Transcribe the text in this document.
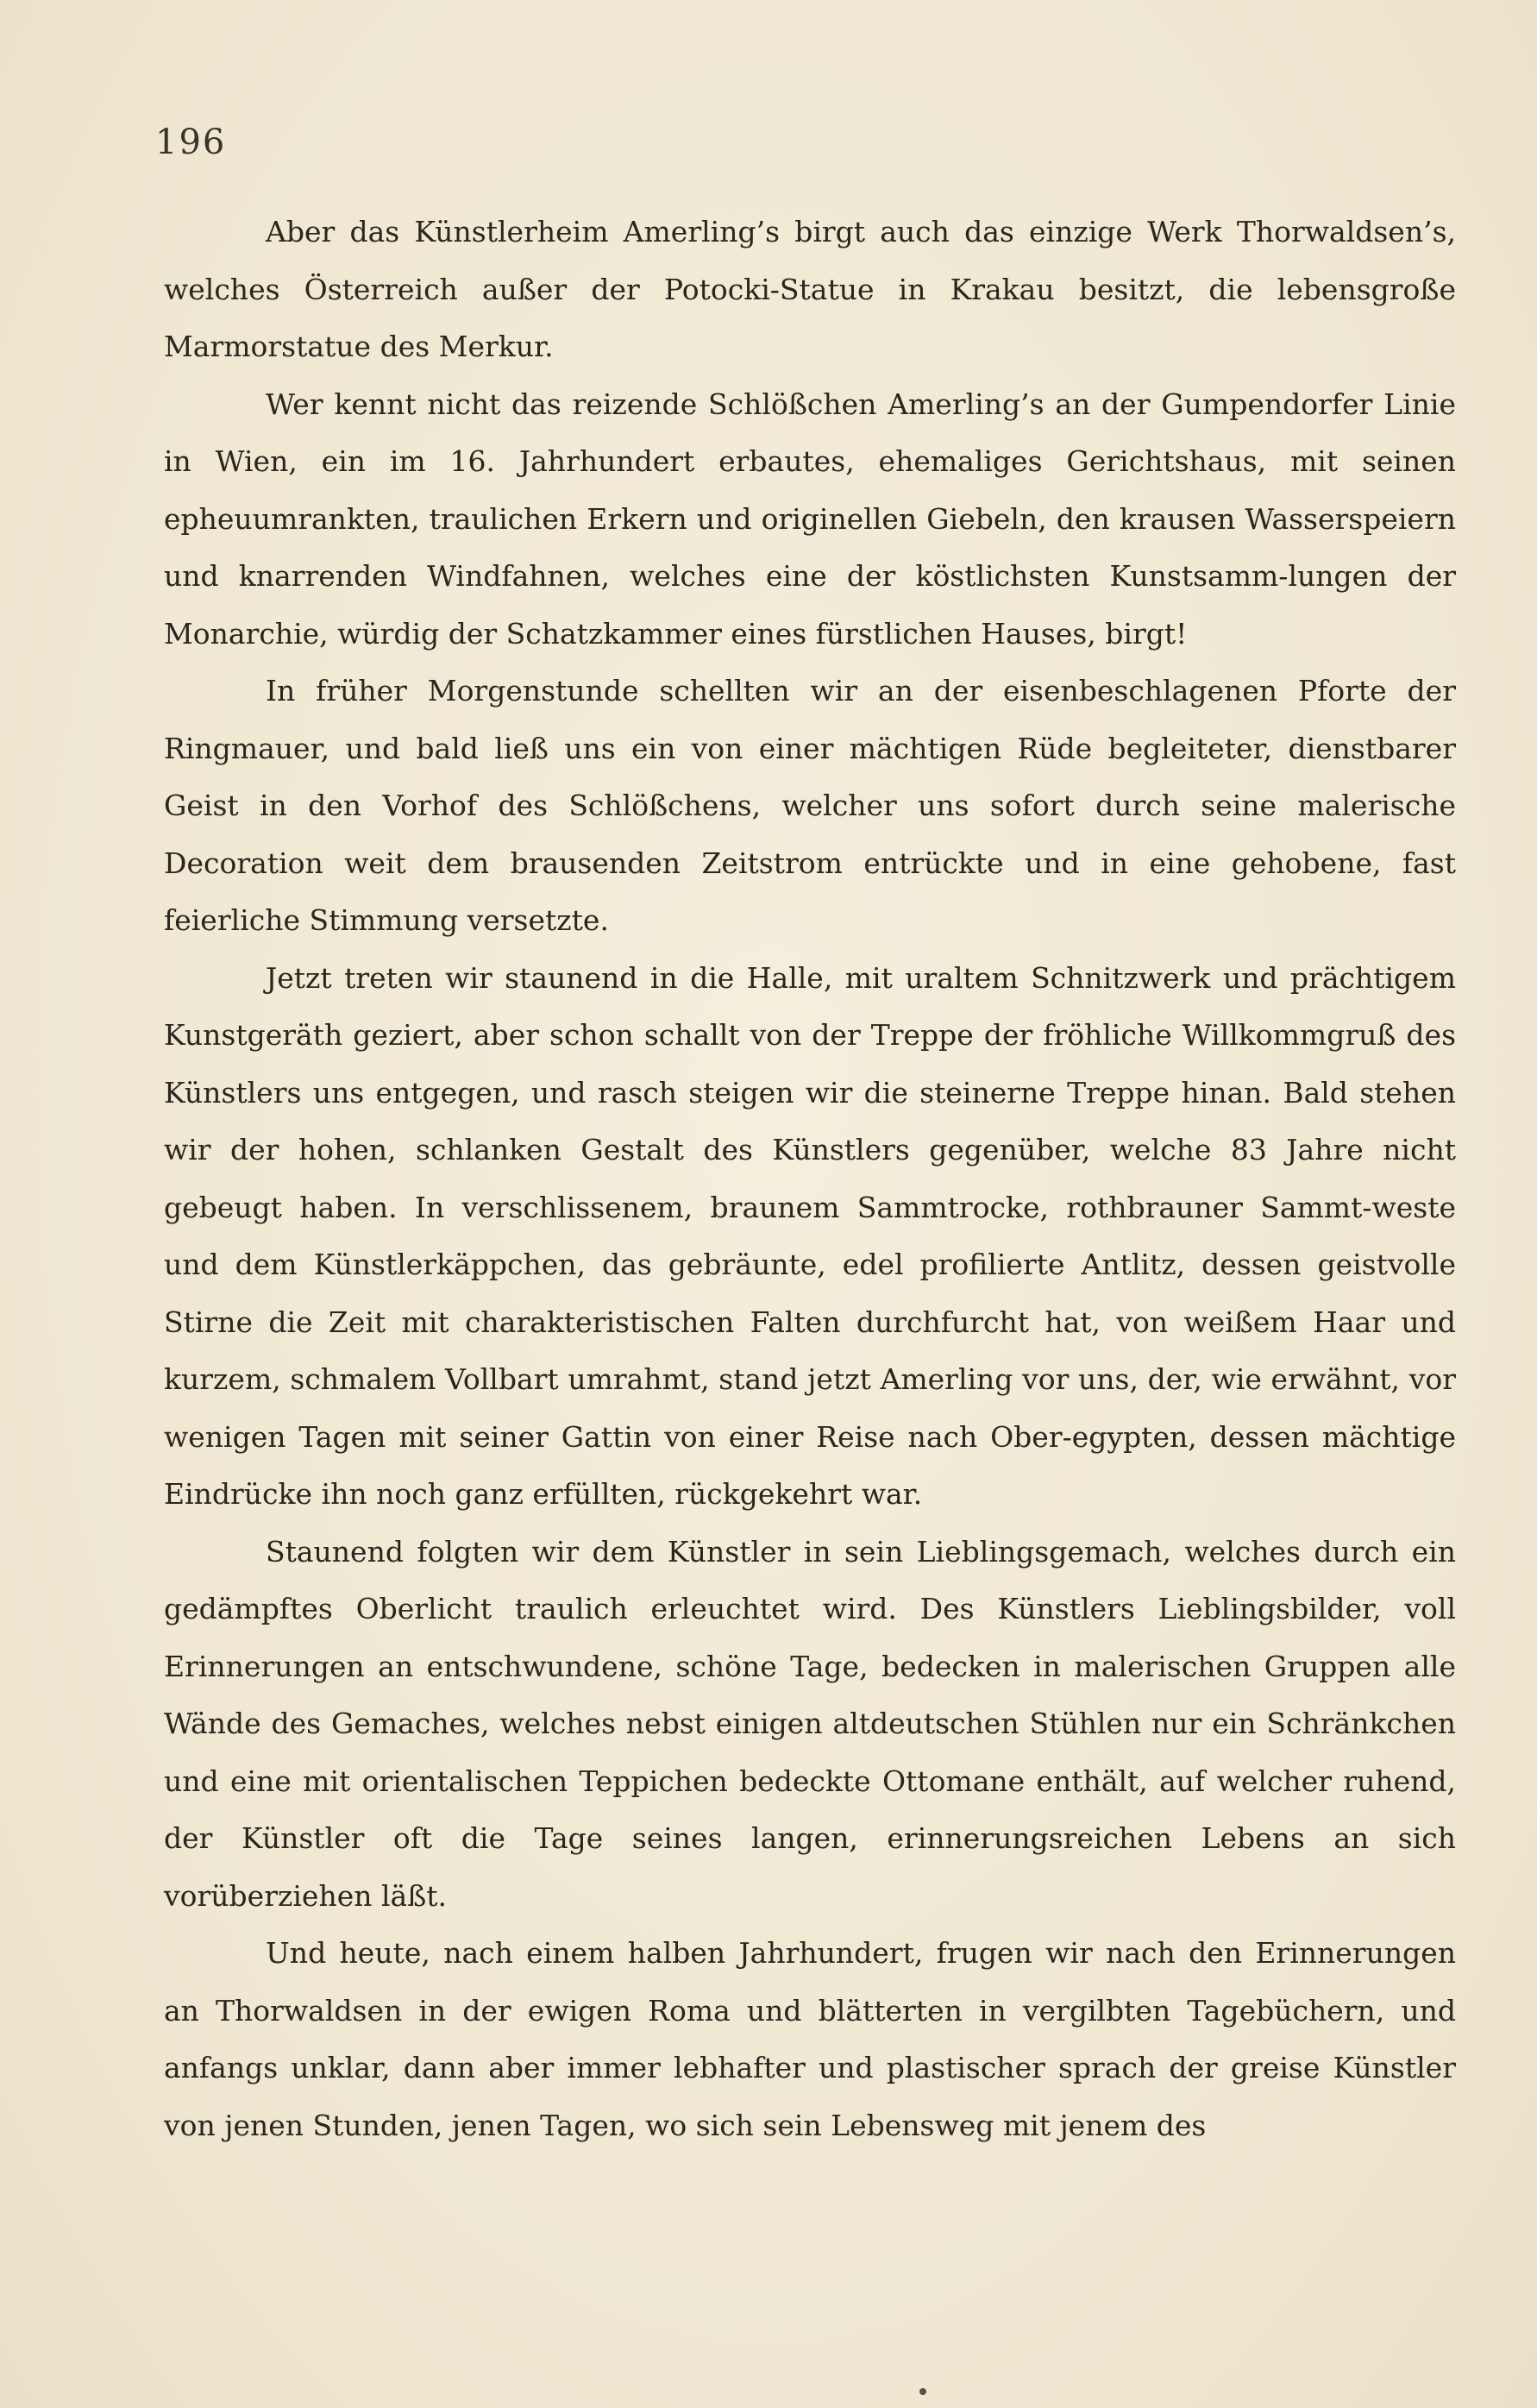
196

Aber das Künstlerheim Amerling’s birgt auch das einzige Werk Thorwaldsen’s, welches Österreich außer der Potocki-Statue in Krakau besitzt, die lebensgroße Marmorstatue des Merkur.

Wer kennt nicht das reizende Schlößchen Amerling’s an der Gumpendorfer Linie in Wien, ein im 16. Jahrhundert erbautes, ehemaliges Gerichtshaus, mit seinen epheuumrankten, traulichen Erkern und originellen Giebeln, den krausen Wasserspeiern und knarrenden Windfahnen, welches eine der köstlichsten Kunstsamm-lungen der Monarchie, würdig der Schatzkammer eines fürstlichen Hauses, birgt!

In früher Morgenstunde schellten wir an der eisenbeschlagenen Pforte der Ringmauer, und bald ließ uns ein von einer mächtigen Rüde begleiteter, dienstbarer Geist in den Vorhof des Schlößchens, welcher uns sofort durch seine malerische Decoration weit dem brausenden Zeitstrom entrückte und in eine gehobene, fast feierliche Stimmung versetzte.

Jetzt treten wir staunend in die Halle, mit uraltem Schnitzwerk und prächtigem Kunstgeräth geziert, aber schon schallt von der Treppe der fröhliche Willkommgruß des Künstlers uns entgegen, und rasch steigen wir die steinerne Treppe hinan. Bald stehen wir der hohen, schlanken Gestalt des Künstlers gegenüber, welche 83 Jahre nicht gebeugt haben. In verschlissenem, braunem Sammtrocke, rothbrauner Sammt-weste und dem Künstlerkäppchen, das gebräunte, edel profilierte Antlitz, dessen geistvolle Stirne die Zeit mit charakteristischen Falten durchfurcht hat, von weißem Haar und kurzem, schmalem Vollbart umrahmt, stand jetzt Amerling vor uns, der, wie erwähnt, vor wenigen Tagen mit seiner Gattin von einer Reise nach Ober-egypten, dessen mächtige Eindrücke ihn noch ganz erfüllten, rückgekehrt war.

Staunend folgten wir dem Künstler in sein Lieblingsgemach, welches durch ein gedämpftes Oberlicht traulich erleuchtet wird. Des Künstlers Lieblingsbilder, voll Erinnerungen an entschwundene, schöne Tage, bedecken in malerischen Gruppen alle Wände des Gemaches, welches nebst einigen altdeutschen Stühlen nur ein Schränkchen und eine mit orientalischen Teppichen bedeckte Ottomane enthält, auf welcher ruhend, der Künstler oft die Tage seines langen, erinnerungsreichen Lebens an sich vorüberziehen läßt.

Und heute, nach einem halben Jahrhundert, frugen wir nach den Erinnerungen an Thorwaldsen in der ewigen Roma und blätterten in vergilbten Tagebüchern, und anfangs unklar, dann aber immer lebhafter und plastischer sprach der greise Künstler von jenen Stunden, jenen Tagen, wo sich sein Lebensweg mit jenem des
